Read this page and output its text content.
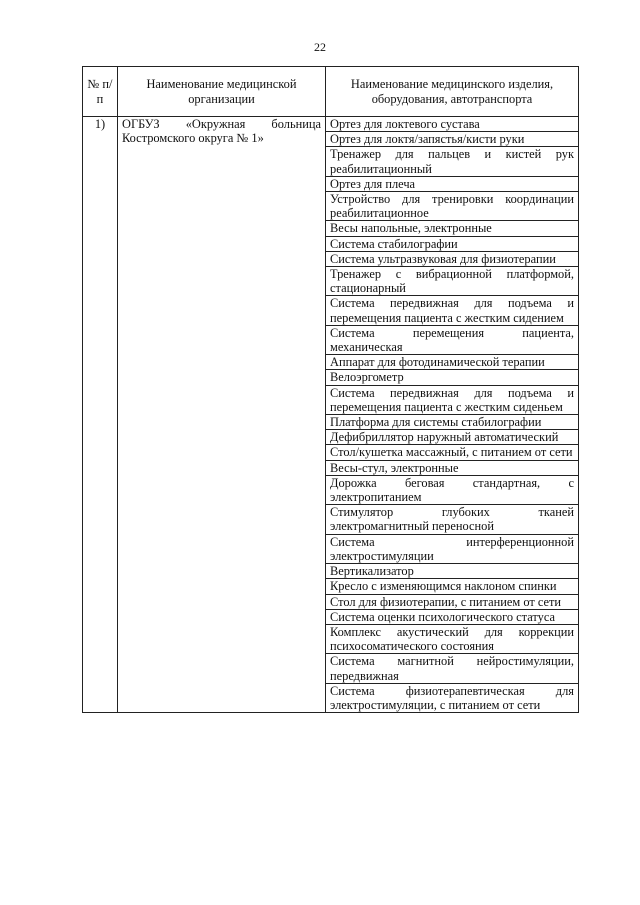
22
№ п/п	Наименование медицинской организации	Наименование медицинского изделия, оборудования, автотранспорта
1)	ОГБУЗ «Окружная больница Костромского округа № 1»	Ортез для локтевого сустава
		Ортез для локтя/запястья/кисти руки
		Тренажер для пальцев и кистей рук реабилитационный
		Ортез для плеча
		Устройство для тренировки координации реабилитационное
		Весы напольные, электронные
		Система стабилографии
		Система ультразвуковая для физиотерапии
		Тренажер с вибрационной платформой, стационарный
		Система передвижная для подъема и перемещения пациента с жестким сидением
		Система перемещения пациента, механическая
		Аппарат для фотодинамической терапии
		Велоэргометр
		Система передвижная для подъема и перемещения пациента с жестким сиденьем
		Платформа для системы стабилографии
		Дефибриллятор наружный автоматический
		Стол/кушетка массажный, с питанием от сети
		Весы-стул, электронные
		Дорожка беговая стандартная, с электропитанием
		Стимулятор глубоких тканей электромагнитный переносной
		Система интерференционной электростимуляции
		Вертикализатор
		Кресло с изменяющимся наклоном спинки
		Стол для физиотерапии, с питанием от сети
		Система оценки психологического статуса
		Комплекс акустический для коррекции психосоматического состояния
		Система магнитной нейростимуляции, передвижная
		Система физиотерапевтическая для электростимуляции, с питанием от сети
